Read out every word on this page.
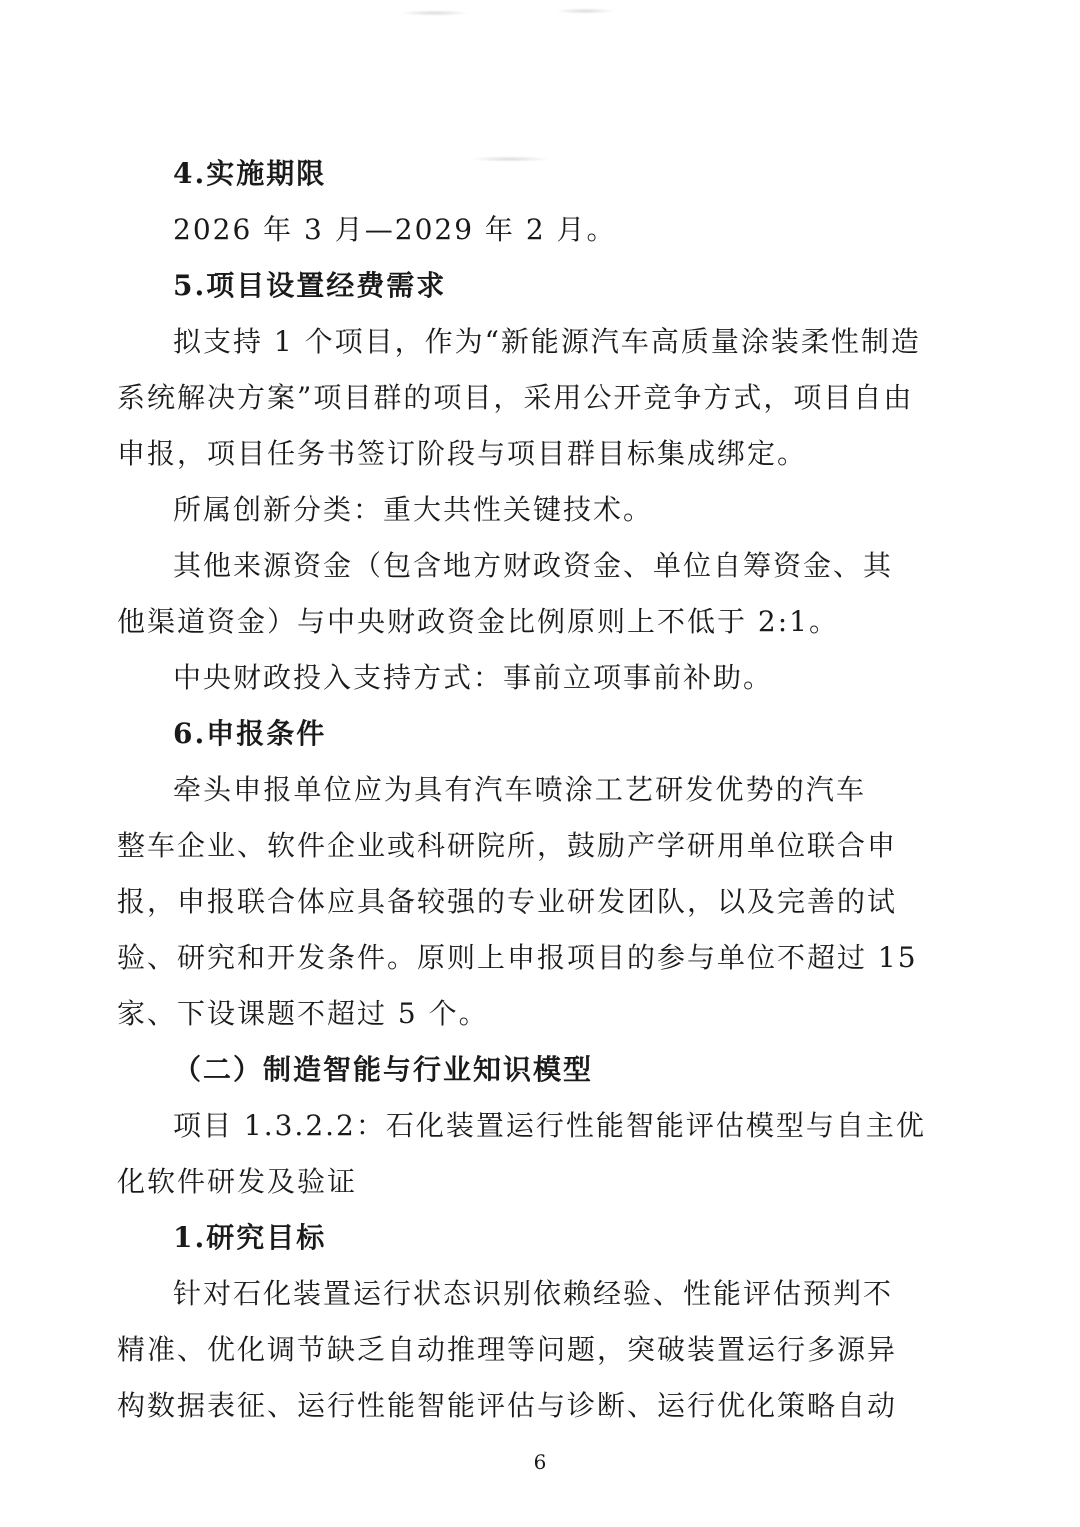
4.实施期限
2026 年 3 月—2029 年 2 月。
5.项目设置经费需求
拟支持 1 个项目，作为“新能源汽车高质量涂装柔性制造
系统解决方案”项目群的项目，采用公开竞争方式，项目自由
申报，项目任务书签订阶段与项目群目标集成绑定。
所属创新分类：重大共性关键技术。
其他来源资金（包含地方财政资金、单位自筹资金、其
他渠道资金）与中央财政资金比例原则上不低于 2:1。
中央财政投入支持方式：事前立项事前补助。
6.申报条件
牵头申报单位应为具有汽车喷涂工艺研发优势的汽车
整车企业、软件企业或科研院所，鼓励产学研用单位联合申
报，申报联合体应具备较强的专业研发团队，以及完善的试
验、研究和开发条件。原则上申报项目的参与单位不超过 15
家、下设课题不超过 5 个。
（二）制造智能与行业知识模型
项目 1.3.2.2：石化装置运行性能智能评估模型与自主优
化软件研发及验证
1.研究目标
针对石化装置运行状态识别依赖经验、性能评估预判不
精准、优化调节缺乏自动推理等问题，突破装置运行多源异
构数据表征、运行性能智能评估与诊断、运行优化策略自动
6
